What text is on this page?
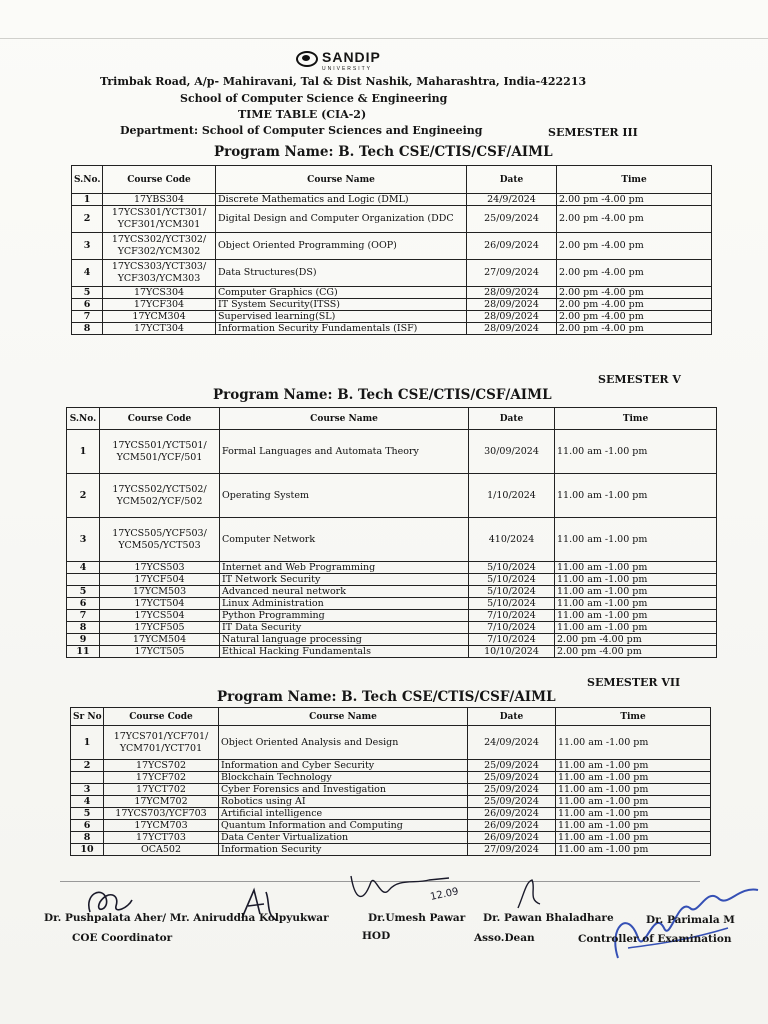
SANDIP
UNIVERSITY
Trimbak Road, A/p- Mahiravani, Tal & Dist Nashik, Maharashtra, India-422213
School of Computer Science & Engineering
TIME TABLE (CIA-2)
Department: School of Computer Sciences and Engineeing	SEMESTER III
Program Name: B. Tech CSE/CTIS/CSF/AIML
S.No.	Course Code	Course Name	Date	Time
1	17YBS304	Discrete Mathematics and Logic (DML)	24/9/2024	2.00 pm -4.00 pm
2	17YCS301/YCT301/ YCF301/YCM301	Digital Design and Computer Organization (DDC	25/09/2024	2.00 pm -4.00 pm
3	17YCS302/YCT302/ YCF302/YCM302	Object Oriented Programming (OOP)	26/09/2024	2.00 pm -4.00 pm
4	17YCS303/YCT303/ YCF303/YCM303	Data Structures(DS)	27/09/2024	2.00 pm -4.00 pm
5	17YCS304	Computer Graphics (CG)	28/09/2024	2.00 pm -4.00 pm
6	17YCF304	IT System Security(ITSS)	28/09/2024	2.00 pm -4.00 pm
7	17YCM304	Supervised learning(SL)	28/09/2024	2.00 pm -4.00 pm
8	17YCT304	Information Security Fundamentals (ISF)	28/09/2024	2.00 pm -4.00 pm
SEMESTER V
Program Name: B. Tech CSE/CTIS/CSF/AIML
S.No.	Course Code	Course Name	Date	Time
1	17YCS501/YCT501/ YCM501/YCF/501	Formal Languages and Automata Theory	30/09/2024	11.00 am -1.00 pm
2	17YCS502/YCT502/ YCM502/YCF/502	Operating System	1/10/2024	11.00 am -1.00 pm
3	17YCS505/YCF503/ YCM505/YCT503	Computer Network	410/2024	11.00 am -1.00 pm
4	17YCS503	Internet and Web Programming	5/10/2024	11.00 am -1.00 pm
	17YCF504	IT Network Security	5/10/2024	11.00 am -1.00 pm
5	17YCM503	Advanced neural network	5/10/2024	11.00 am -1.00 pm
6	17YCT504	Linux Administration	5/10/2024	11.00 am -1.00 pm
7	17YCS504	Python Programming	7/10/2024	11.00 am -1.00 pm
8	17YCF505	IT Data Security	7/10/2024	11.00 am -1.00 pm
9	17YCM504	Natural language processing	7/10/2024	2.00 pm -4.00 pm
11	17YCT505	Ethical Hacking Fundamentals	10/10/2024	2.00 pm -4.00 pm
SEMESTER VII
Program Name: B. Tech CSE/CTIS/CSF/AIML
Sr No	Course Code	Course Name	Date	Time
1	17YCS701/YCF701/ YCM701/YCT701	Object Oriented Analysis and Design	24/09/2024	11.00 am -1.00 pm
2	17YCS702	Information and Cyber Security	25/09/2024	11.00 am -1.00 pm
	17YCF702	Blockchain Technology	25/09/2024	11.00 am -1.00 pm
3	17YCT702	Cyber Forensics and Investigation	25/09/2024	11.00 am -1.00 pm
4	17YCM702	Robotics using AI	25/09/2024	11.00 am -1.00 pm
5	17YCS703/YCF703	Artificial intelligence	26/09/2024	11.00 am -1.00 pm
6	17YCM703	Quantum Information and Computing	26/09/2024	11.00 am -1.00 pm
8	17YCT703	Data Center Virtualization	26/09/2024	11.00 am -1.00 pm
10	OCA502	Information Security	27/09/2024	11.00 am -1.00 pm
12.09
Dr. Pushpalata Aher/ Mr. Aniruddha Kolpyukwar
COE Coordinator
Dr.Umesh Pawar
HOD
Dr. Pawan Bhaladhare
Asso.Dean
Dr. Parimala M
Controller of Examination
